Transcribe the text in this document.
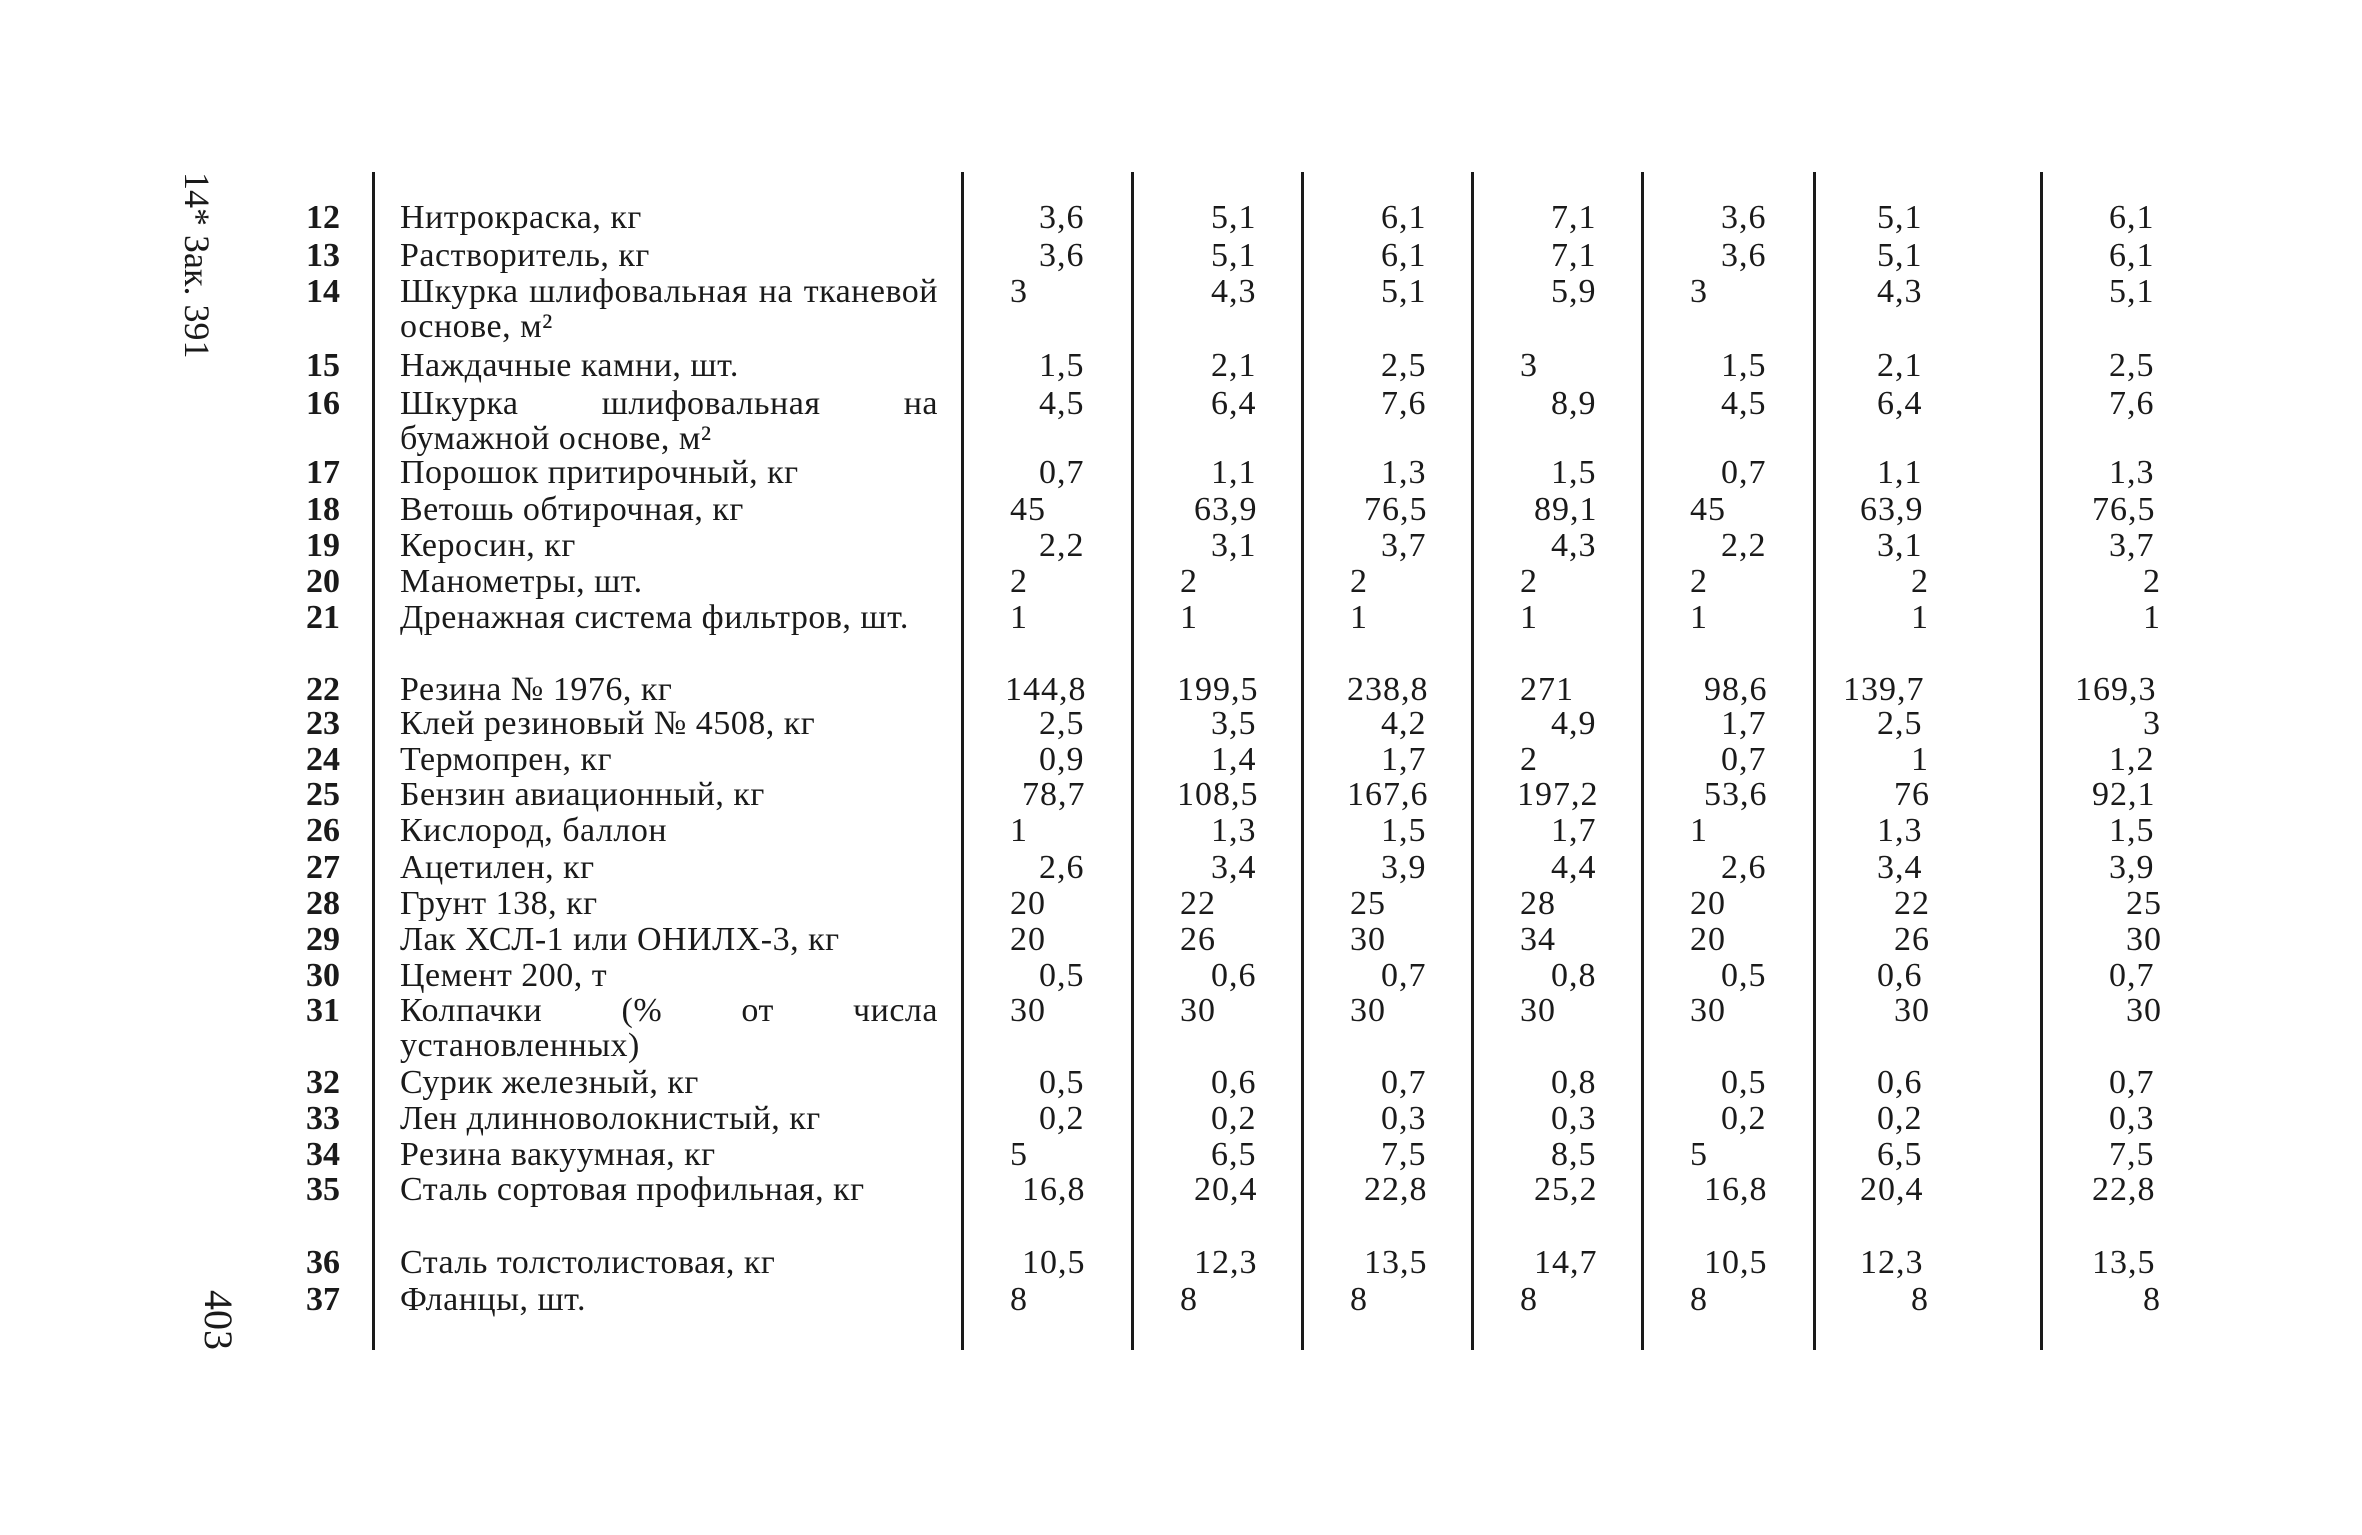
14* Зак. 391
403
12 Нитрокраска, кг	3,6	5,1	6,1	7,1	3,6	5,1	6,1
13 Растворитель, кг	3,6	5,1	6,1	7,1	3,6	5,1	6,1
14 Шкурка шлифовальная на тканевой основе, м²
3	4,3	5,1	5,9	3	4,3	5,1
15 Наждачные камни, шт.	1,5	2,1	2,5	3	1,5	2,1	2,5
16 Шкурка шлифовальная на бумажной основе, м²
4,5	6,4	7,6	8,9	4,5	6,4	7,6
17 Порошок притирочный, кг	0,7	1,1	1,3	1,5	0,7	1,1	1,3
18 Ветошь обтирочная, кг	45	63,9	76,5	89,1	45	63,9	76,5
19 Керосин, кг	2,2	3,1	3,7	4,3	2,2	3,1	3,7
20 Манометры, шт.	2	2	2	2	2	2	2
21 Дренажная система фильтров, шт.	1	1	1	1	1	1	1
22 Резина № 1976, кг	144,8	199,5	238,8	271	98,6 139,7	169,3
23 Клей резиновый № 4508, кг	2,5	3,5	4,2	4,9	1,7	2,5	3
24 Термопрен, кг	0,9	1,4	1,7	2	0,7	1	1,2
25 Бензин авиационный, кг	78,7	108,5	167,6	197,2	53,6	76	92,1
26 Кислород, баллон	1	1,3	1,5	1,7	1	1,3	1,5
27 Ацетилен, кг	2,6	3,4	3,9	4,4	2,6	3,4	3,9
28 Грунт 138, кг	20	22	25	28	20	22	25
29 Лак ХСЛ-1 или ОНИЛХ-3, кг	20	26	30	34	20	26	30
30 Цемент 200, т	0,5	0,6	0,7	0,8	0,5	0,6	0,7
31 Колпачки (% от числа установленных)
30	30	30	30	30	30	30
32 Сурик железный, кг	0,5	0,6	0,7	0,8	0,5	0,6	0,7
33 Лен длинноволокнистый, кг	0,2	0,2	0,3	0,3	0,2	0,2	0,3
34 Резина вакуумная, кг	5	6,5	7,5	8,5	5	6,5	7,5
35 Сталь сортовая профильная, кг	16,8	20,4	22,8	25,2	16,8	20,4	22,8
36 Сталь толстолистовая, кг	10,5	12,3	13,5	14,7	10,5	12,3	13,5
37 Фланцы, шт.	8	8	8	8	8	8	8
